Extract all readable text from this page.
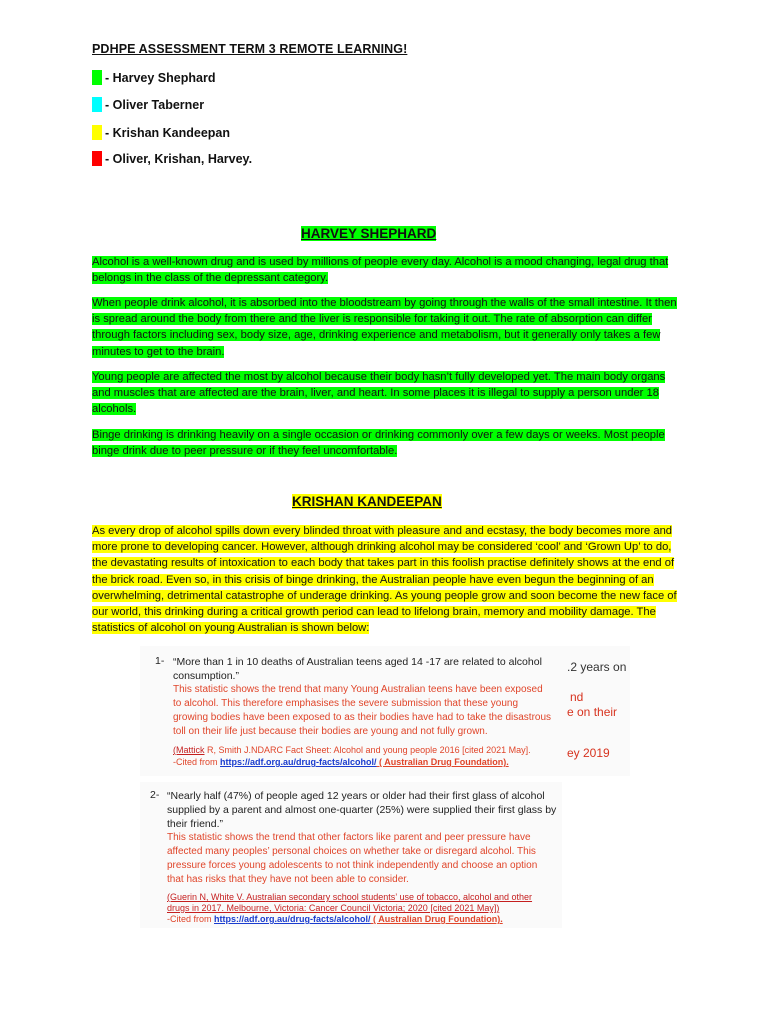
PDHPE ASSESSMENT TERM 3 REMOTE LEARNING!
- Harvey Shephard
- Oliver Taberner
- Krishan Kandeepan
- Oliver, Krishan, Harvey.
HARVEY SHEPHARD
Alcohol is a well-known drug and is used by millions of people every day. Alcohol is a mood changing, legal drug that belongs in the class of the depressant category.
When people drink alcohol, it is absorbed into the bloodstream by going through the walls of the small intestine. It then is spread around the body from there and the liver is responsible for taking it out. The rate of absorption can differ through factors including sex, body size, age, drinking experience and metabolism, but it generally only takes a few minutes to get to the brain.
Young people are affected the most by alcohol because their body hasn’t fully developed yet. The main body organs and muscles that are affected are the brain, liver, and heart. In some places it is illegal to supply a person under 18 alcohols.
Binge drinking is drinking heavily on a single occasion or drinking commonly over a few days or weeks. Most people binge drink due to peer pressure or if they feel uncomfortable.
KRISHAN KANDEEPAN
As every drop of alcohol spills down every blinded throat with pleasure and and ecstasy, the body becomes more and more prone to developing cancer. However, although drinking alcohol may be considered ‘cool’ and ‘Grown Up’ to do, the devastating results of intoxication to each body that takes part in this foolish practise definitely shows at the end of the brick road. Even so, in this crisis of binge drinking, the Australian people have even begun the beginning of an overwhelming, detrimental catastrophe of underage drinking. As young people grow and soon become the new face of our world, this drinking during a critical growth period can lead to lifelong brain, memory and mobility damage. The statistics of alcohol on young Australian is shown below:
1- “More than 1 in 10 deaths of Australian teens aged 14 -17 are related to alcohol
consumption.”
This statistic shows the trend that many Young Australian teens have been exposed
to alcohol. This therefore emphasises the severe submission that these young
growing bodies have been exposed to as their bodies have had to take the disastrous
toll on their life just because their bodies are young and not fully grown.
(Mattick R, Smith J.NDARC Fact Sheet: Alcohol and young people 2016 [cited 2021 May].
-Cited from https://adf.org.au/drug-facts/alcohol/ ( Australian Drug Foundation).
.2 years on
nd
e on their
ey 2019
2- “Nearly half (47%) of people aged 12 years or older had their first glass of alcohol
supplied by a parent and almost one-quarter (25%) were supplied their first glass by
their friend.”
This statistic shows the trend that other factors like parent and peer pressure have
affected many peoples’ personal choices on whether take or disregard alcohol. This
pressure forces young adolescents to not think independently and choose an option
that has risks that they have not been able to consider.
(Guerin N, White V. Australian secondary school students’ use of tobacco, alcohol and other
drugs in 2017. Melbourne, Victoria: Cancer Council Victoria; 2020 [cited 2021 May])
-Cited from https://adf.org.au/drug-facts/alcohol/ ( Australian Drug Foundation).
